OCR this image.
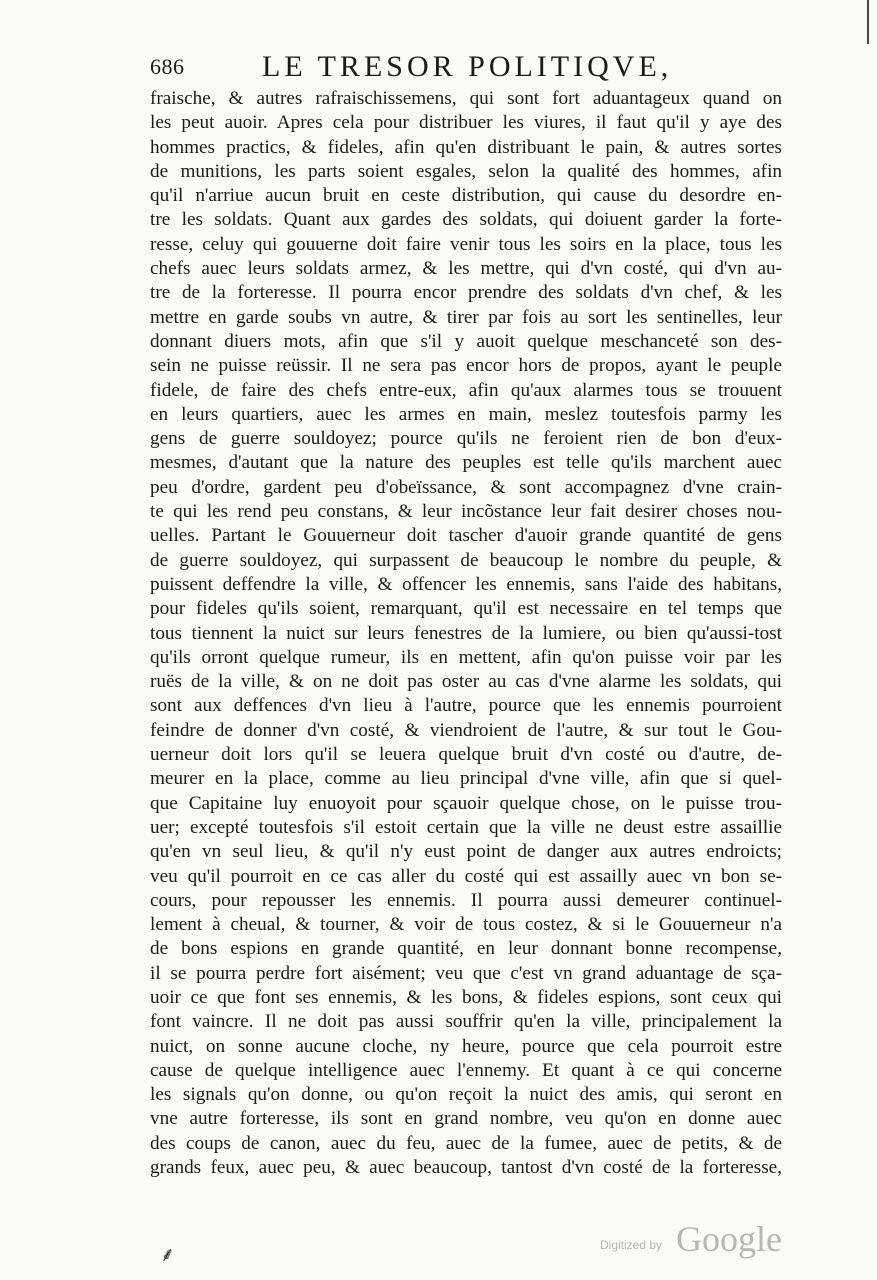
686	LE TRESOR POLITIQVE,
fraische, & autres rafraischissemens, qui sont fort aduantageux quand on
les peut auoir. Apres cela pour distribuer les viures, il faut qu'il y aye des
hommes practics, & fideles, afin qu'en distribuant le pain, & autres sortes
de munitions, les parts soient esgales, selon la qualité des hommes, afin
qu'il n'arriue aucun bruit en ceste distribution, qui cause du desordre en-
tre les soldats. Quant aux gardes des soldats, qui doiuent garder la forte-
resse, celuy qui gouuerne doit faire venir tous les soirs en la place, tous les
chefs auec leurs soldats armez, & les mettre, qui d'vn costé, qui d'vn au-
tre de la forteresse. Il pourra encor prendre des soldats d'vn chef, & les
mettre en garde soubs vn autre, & tirer par fois au sort les sentinelles, leur
donnant diuers mots, afin que s'il y auoit quelque meschanceté son des-
sein ne puisse reüssir. Il ne sera pas encor hors de propos, ayant le peuple
fidele, de faire des chefs entre-eux, afin qu'aux alarmes tous se trouuent
en leurs quartiers, auec les armes en main, meslez toutesfois parmy les
gens de guerre souldoyez; pource qu'ils ne feroient rien de bon d'eux-
mesmes, d'autant que la nature des peuples est telle qu'ils marchent auec
peu d'ordre, gardent peu d'obeïssance, & sont accompagnez d'vne crain-
te qui les rend peu constans, & leur incõstance leur fait desirer choses nou-
uelles. Partant le Gouuerneur doit tascher d'auoir grande quantité de gens
de guerre souldoyez, qui surpassent de beaucoup le nombre du peuple, &
puissent deffendre la ville, & offencer les ennemis, sans l'aide des habitans,
pour fideles qu'ils soient, remarquant, qu'il est necessaire en tel temps que
tous tiennent la nuict sur leurs fenestres de la lumiere, ou bien qu'aussi-tost
qu'ils orront quelque rumeur, ils en mettent, afin qu'on puisse voir par les
ruës de la ville, & on ne doit pas oster au cas d'vne alarme les soldats, qui
sont aux deffences d'vn lieu à l'autre, pource que les ennemis pourroient
feindre de donner d'vn costé, & viendroient de l'autre, & sur tout le Gou-
uerneur doit lors qu'il se leuera quelque bruit d'vn costé ou d'autre, de-
meurer en la place, comme au lieu principal d'vne ville, afin que si quel-
que Capitaine luy enuoyoit pour sçauoir quelque chose, on le puisse trou-
uer; excepté toutesfois s'il estoit certain que la ville ne deust estre assaillie
qu'en vn seul lieu, & qu'il n'y eust point de danger aux autres endroicts;
veu qu'il pourroit en ce cas aller du costé qui est assailly auec vn bon se-
cours, pour repousser les ennemis. Il pourra aussi demeurer continuel-
lement à cheual, & tourner, & voir de tous costez, & si le Gouuerneur n'a
de bons espions en grande quantité, en leur donnant bonne recompense,
il se pourra perdre fort aisément; veu que c'est vn grand aduantage de sça-
uoir ce que font ses ennemis, & les bons, & fideles espions, sont ceux qui
font vaincre. Il ne doit pas aussi souffrir qu'en la ville, principalement la
nuict, on sonne aucune cloche, ny heure, pource que cela pourroit estre
cause de quelque intelligence auec l'ennemy. Et quant à ce qui concerne
les signals qu'on donne, ou qu'on reçoit la nuict des amis, qui seront en
vne autre forteresse, ils sont en grand nombre, veu qu'on en donne auec
des coups de canon, auec du feu, auec de la fumee, auec de petits, & de
grands feux, auec peu, & auec beaucoup, tantost d'vn costé de la forteresse,
⸙	Digitized by Google
